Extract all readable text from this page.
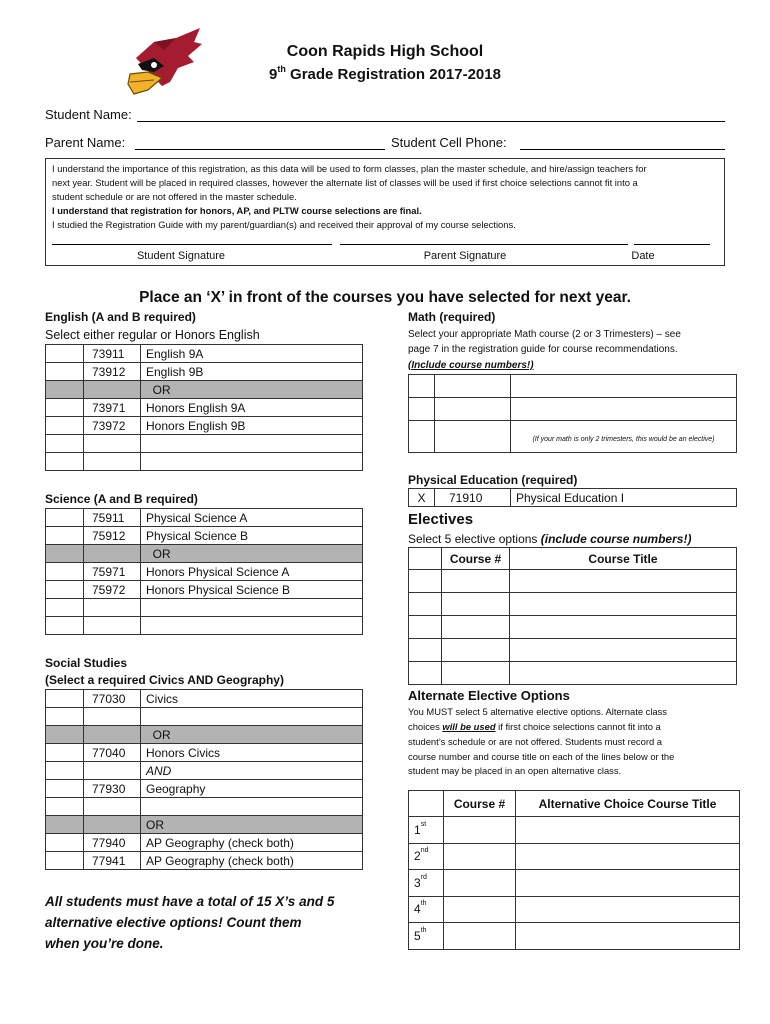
Coon Rapids High School
9th Grade Registration 2017-2018
Student Name:
Parent Name:	Student Cell Phone:
I understand the importance of this registration, as this data will be used to form classes, plan the master schedule, and hire/assign teachers for
next year. Student will be placed in required classes, however the alternate list of classes will be used if first choice selections cannot fit into a
student schedule or are not offered in the master schedule.
I understand that registration for honors, AP, and PLTW course selections are final.
I studied the Registration Guide with my parent/guardian(s) and received their approval of my course selections.
Student Signature	Parent Signature	Date
Place an ‘X’ in front of the courses you have selected for next year.
English (A and B required)
Select either regular or Honors English
	73911	English 9A
	73912	English 9B
		OR
	73971	Honors English 9A
	73972	Honors English 9B

Science (A and B required)
	75911	Physical Science A
	75912	Physical Science B
		OR
	75971	Honors Physical Science A
	75972	Honors Physical Science B

Social Studies
(Select a required Civics AND Geography)
	77030	Civics

		OR
	77040	Honors Civics
		AND
	77930	Geography

		OR
	77940	AP Geography (check both)
	77941	AP Geography (check both)
All students must have a total of 15 X’s and 5
alternative elective options! Count them
when you’re done.
Math (required)
Select your appropriate Math course (2 or 3 Trimesters) – see
page 7 in the registration guide for course recommendations.
(Include course numbers!)

		(If your math is only 2 trimesters, this would be an elective)
Physical Education (required)
X	71910	Physical Education I
Electives
Select 5 elective options (include course numbers!)
	Course #	Course Title

Alternate Elective Options
You MUST select 5 alternative elective options. Alternate class
choices will be used if first choice selections cannot fit into a
student’s schedule or are not offered. Students must record a
course number and course title on each of the lines below or the
student may be placed in an open alternative class.
	Course #	Alternative Choice Course Title
1st		
2nd		
3rd		
4th		
5th		
